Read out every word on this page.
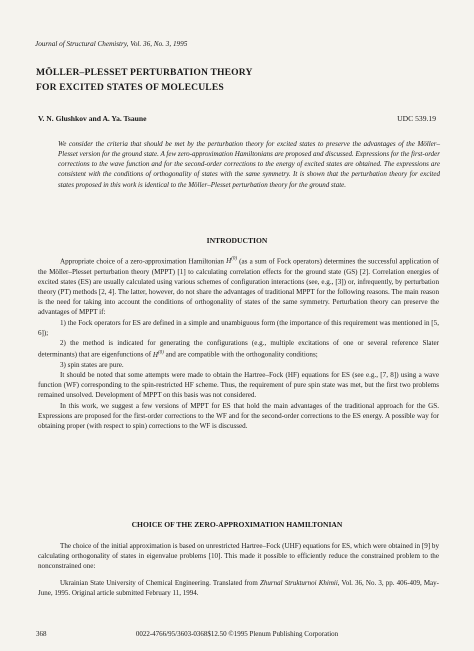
Journal of Structural Chemistry, Vol. 36, No. 3, 1995
MÖLLER–PLESSET PERTURBATION THEORY
FOR EXCITED STATES OF MOLECULES
V. N. Glushkov and A. Ya. Tsaune	UDC 539.19

We consider the criteria that should be met by the perturbation theory for excited states to preserve the advantages of the Möller–Plesset version for the ground state. A few zero-approximation Hamiltonians are proposed and discussed. Expressions for the first-order corrections to the wave function and for the second-order corrections to the energy of excited states are obtained. The expressions are consistent with the conditions of orthogonality of states with the same symmetry. It is shown that the perturbation theory for excited states proposed in this work is identical to the Möller–Plesset perturbation theory for the ground state.

INTRODUCTION

Appropriate choice of a zero-approximation Hamiltonian $H^{(0)}$ (as a sum of Fock operators) determines the successful application of the Möller–Plesset perturbation theory (MPPT) [1] to calculating correlation effects for the ground state (GS) [2]. Correlation energies of excited states (ES) are usually calculated using various schemes of configuration interactions (see, e.g., [3]) or, infrequently, by perturbation theory (PT) methods [2, 4]. The latter, however, do not share the advantages of traditional MPPT for the following reasons. The main reason is the need for taking into account the conditions of orthogonality of states of the same symmetry. Perturbation theory can preserve the advantages of MPPT if:

1) the Fock operators for ES are defined in a simple and unambiguous form (the importance of this requirement was mentioned in [5, 6]);

2) the method is indicated for generating the configurations (e.g., multiple excitations of one or several reference Slater determinants) that are eigenfunctions of $H^{(0)}$ and are compatible with the orthogonality conditions;

3) spin states are pure.

It should be noted that some attempts were made to obtain the Hartree–Fock (HF) equations for ES (see e.g., [7, 8]) using a wave function (WF) corresponding to the spin-restricted HF scheme. Thus, the requirement of pure spin state was met, but the first two problems remained unsolved. Development of MPPT on this basis was not considered.

In this work, we suggest a few versions of MPPT for ES that hold the main advantages of the traditional approach for the GS. Expressions are proposed for the first-order corrections to the WF and for the second-order corrections to the ES energy. A possible way for obtaining proper (with respect to spin) corrections to the WF is discussed.

CHOICE OF THE ZERO-APPROXIMATION HAMILTONIAN

The choice of the initial approximation is based on unrestricted Hartree–Fock (UHF) equations for ES, which were obtained in [9] by calculating orthogonality of states in eigenvalue problems [10]. This made it possible to efficiently reduce the constrained problem to the nonconstrained one:

Ukrainian State University of Chemical Engineering. Translated from Zhurnal Strukturnoi Khimii, Vol. 36, No. 3, pp. 406-409, May-June, 1995. Original article submitted February 11, 1994.

368	0022-4766/95/3603-0368$12.50 ©1995 Plenum Publishing Corporation
